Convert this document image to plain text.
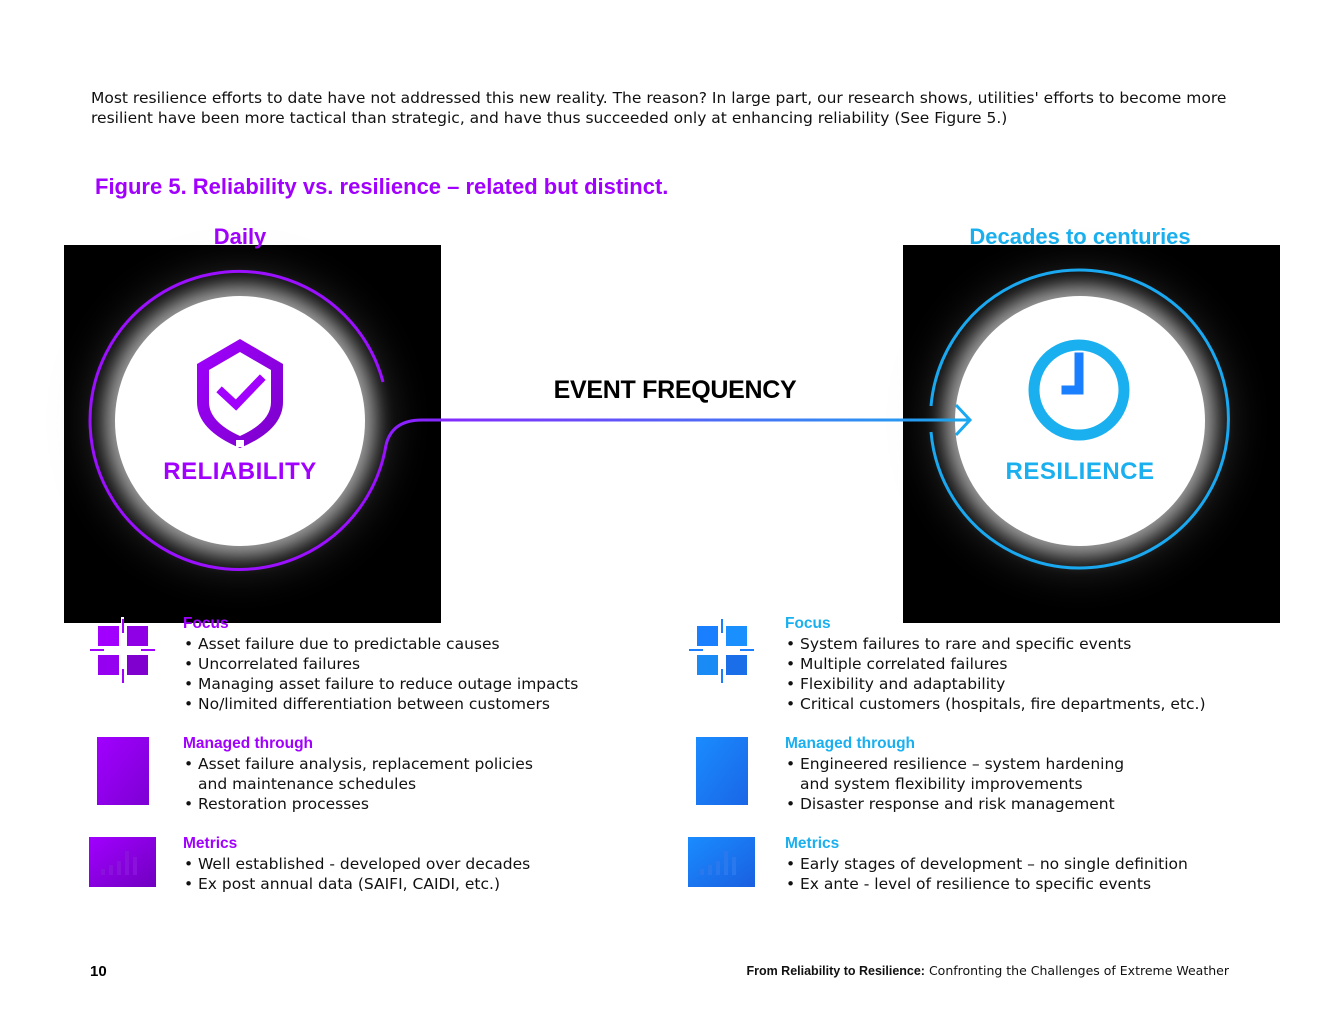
Most resilience efforts to date have not addressed this new reality. The reason? In large part, our research shows, utilities' efforts to become more resilient have been more tactical than strategic, and have thus succeeded only at enhancing reliability (See Figure 5.)
Figure 5. Reliability vs. resilience – related but distinct.
Daily	Decades to centuries
RELIABILITY	RESILIENCE
EVENT FREQUENCY
Focus
• Asset failure due to predictable causes
• Uncorrelated failures
• Managing asset failure to reduce outage impacts
• No/limited differentiation between customers
Managed through
• Asset failure analysis, replacement policies
and maintenance schedules
• Restoration processes
Metrics
• Well established - developed over decades
• Ex post annual data (SAIFI, CAIDI, etc.)
Focus
• System failures to rare and specific events
• Multiple correlated failures
• Flexibility and adaptability
• Critical customers (hospitals, fire departments, etc.)
Managed through
• Engineered resilience – system hardening
and system flexibility improvements
• Disaster response and risk management
Metrics
• Early stages of development – no single definition
• Ex ante - level of resilience to specific events
10	From Reliability to Resilience: Confronting the Challenges of Extreme Weather
